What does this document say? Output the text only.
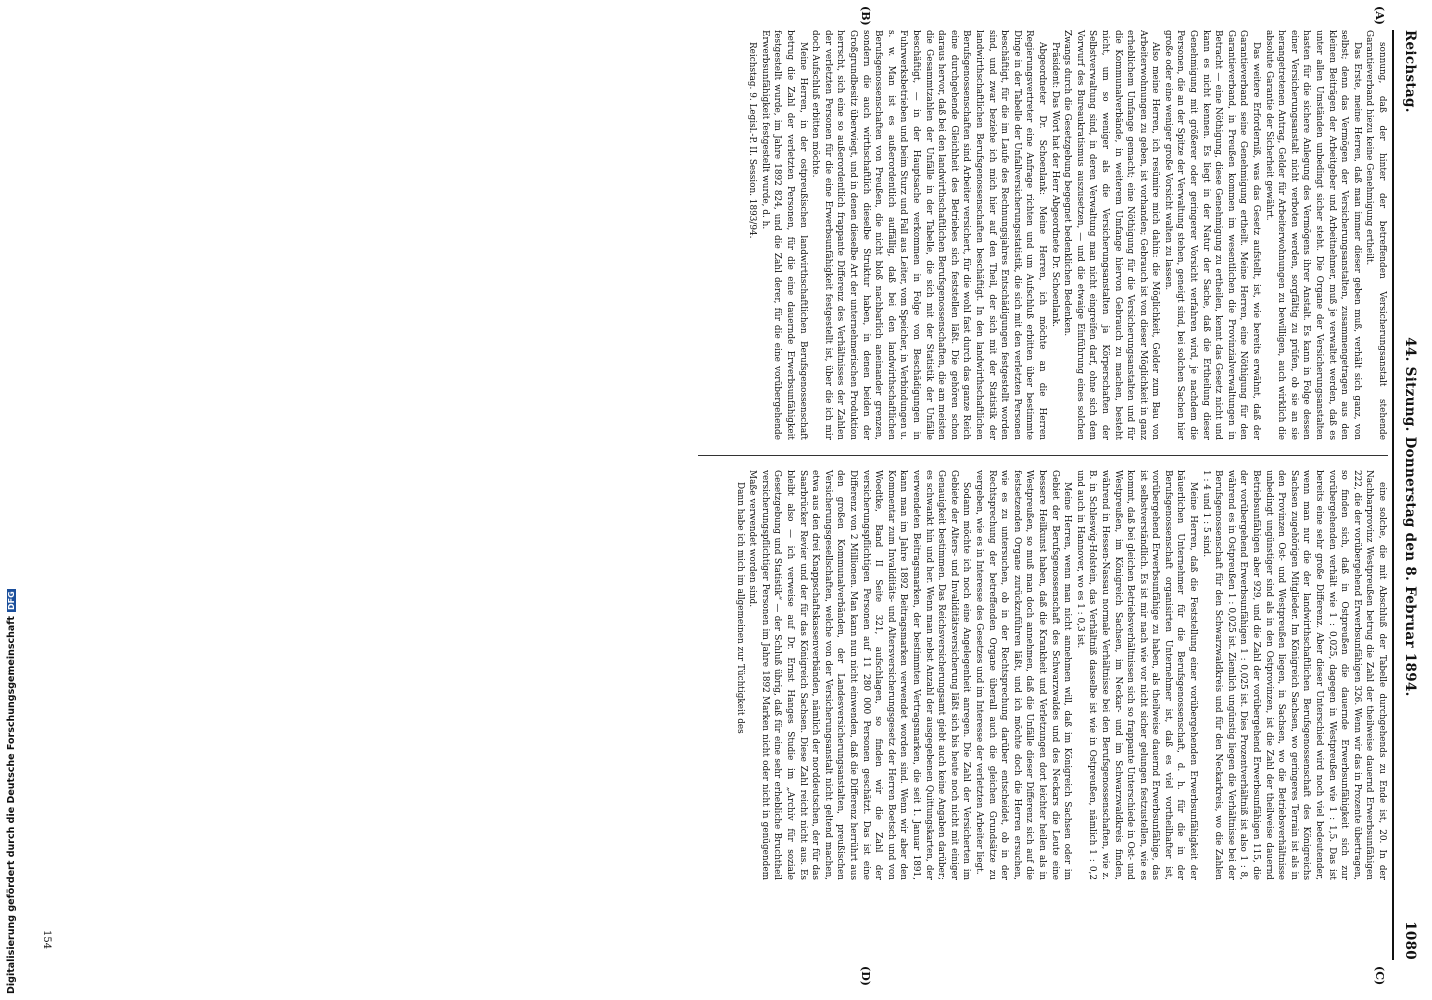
Reichstag.
44. Sitzung. Donnerstag den 8. Februar 1894.
1080

sonnung, daß der hinter der betreffenden Versicherungsanstalt stehende Garantieverband hiezu keine Genehmigung ertheilt.

Das Erste, meine Herren, daß man immer dieser geben muß, verhält sich ganz, von selbst; denn das Vermögen der Versicherungsanstalten, zusammengetragen aus den kleinen Beiträgen der Arbeitgeber und Arbeitnehmer, muß je verwaltet werden, daß es unter allen Umständen unbedingt sicher steht. Die Organe der Versicherungsanstalten hasten für die sichere Anlegung des Vermögens ihrer Anstalt. Es kann in Folge dessen einer Versicherungsanstalt nicht verboten werden, sorgfältig zu prüfen, ob sie an sie herangetretenen Antrag, Gelder für Arbeiterwohnungen zu bewilligen, auch wirklich die absolute Garantie der Sicherheit gewährt.

Das weitere Erforderniß, was das Gesetz aufstellt, ist, wie bereits erwähnt, daß der Garantieverband seine Genehmigung ertheilt. Meine Herren, eine Nöthigung für den Garantieverband, in Preußen kommen im wesentlichen die Provinzialverwaltungen in Betracht — eine Nöthigung, diese Genehmigung zu ertheilen, kennt das Gesetz nicht und kann es nicht kennen. Es liegt in der Natur der Sache, daß die Ertheilung dieser Genehmigung mit größerer oder geringerer Vorsicht verfahren wird, je nachdem die Personen, die an der Spitze der Verwaltung stehen, geneigt sind, bei solchen Sachen hier große oder eine weniger große Vorsicht walten zu lassen.

Also meine Herren, ich resümire mich dahin: die Möglichkeit, Gelder zum Bau von Arbeiterwohnungen zu geben, ist vorhanden; Gebrauch ist von dieser Möglichkeit in ganz erheblichem Umfange gemacht; eine Nöthigung für die Versicherungsanstalten und für die Kommunalverbände, in weiterem Umfange hiervon Gebrauch zu machen, besteht nicht, um so weniger als die Versicherungsanstalten ja Körperschaften der Selbstverwaltung sind, in deren Verwaltung man nicht eingreifen darf, ohne sich dem Vorwurf des Bureaukratismus auszusetzen, — und die etwaige Einführung eines solchen Zwangs durch die Gesetzgebung begegnet bedenklichen Bedenken.

Präsident: Das Wort hat der Herr Abgeordnete Dr. Schoenlank.

Abgeordneter Dr. Schoenlank: Meine Herren, ich möchte an die Herren Regierungsvertreter eine Anfrage richten und um Aufschluß erbitten über bestimmte Dinge in der Tabelle der Unfallversicherungsstatistik, die sich mit den verletzten Personen beschäftigt, für die im Laufe des Rechnungsjahres Entschädigungen festgestellt worden sind, und zwar beziehe ich mich hier auf den Theil, der sich mit der Statistik der landwirthschaftlichen Berufsgenossenschaften beschäftigt. In den landwirthschaftlichen Berufsgenossenschaften sind Arbeiter versichert, für die wohl fast durch das ganze Reich eine durchgehende Gleichheit des Betriebes sich feststellen läßt. Die gehören schon daraus hervor, daß bei den landwirthschaftlichen Berufsgenossenschaften, die am meisten die Gesammtzahlen der Unfälle in der Tabelle, die sich mit der Statistik der Unfälle beschäftigt, — in der Hauptsache verkommen in Folge von Beschädigungen in Fuhrwerksbetrieben und beim Sturz und Fall aus Leiter, vom Speicher, in Verbindungen u. s. w. Man ist es außerordentlich auffällig, daß bei den landwirthschaftlichen Berufsgenossenschaften von Preußen, die nicht bloß nachbarlich aneinander grenzen, sondern die auch wirthschaftlich dieselbe Struktur haben, in denen beiden der Großgrundbesitz überwiegt, und in denen dieselbe Art der unternehmerischen Produktion herrscht, sich eine so außerordentlich frappante Differenz des Verhältnisses der Zahlen der verletzten Personen für die eine Erwerbsunfähigkeit festgestellt ist, über die ich mir doch Aufschluß erbitten möchte.

Meine Herren, in der ostpreußischen landwirthschaftlichen Berufsgenossenschaft betrug die Zahl der verletzten Personen, für die eine dauernde Erwerbsunfähigkeit festgestellt wurde, im Jahre 1892 824, und die Zahl derer, für die eine vorübergehende Erwerbsunfähigkeit festgestellt wurde, d. h.

Reichstag. 9. Legisl.-P. II. Session. 1893/94.

eine solche, die mit Abschluß der Tabelle durchgehends zu Ende ist, 20. In der Nachbarprovinz Westpreußen betrug die Zahl der theilweise dauernd Erwerbsunfähigen 222, die der vorübergehend Erwerbsunfähigen 326. Wenn wir das in Prozente übertragen, so finden sich, daß in Ostpreußen die dauernde Erwerbsunfähigkeit sich zur vorübergehenden verhält wie 1 : 0,025, dagegen in Westpreußen wie 1 : 1,5. Das ist bereits eine sehr große Differenz. Aber dieser Unterschied wird noch viel bedeutender, wenn man nur die der landwirthschaftlichen Berufsgenossenschaft des Königreichs Sachsen zugehörigen Mitglieder. Im Königreich Sachsen, wo geringeres Terrain ist als in den Provinzen Ost- und Westpreußen liegen, in Sachsen, wo die Betriebsverhältnisse unbedingt ungünstiger sind als in den Ostprovinzen, ist die Zahl der theilweise dauernd Betriebsunfähigen aber 929, und die Zahl der vorübergehend Erwerbsunfähigen 115, die der vorübergehend Erwerbsunfähigen 1 : 0,025 ist. Dies Prozentverhältniß ist also 1 : 8, während es in Ostpreußen 1 : 0,025 ist. Ziemlich ungünstig liegen die Verhältnisse bei der Berufsgenossenschaft für den Schwarzwaldkreis und für den Neckarkreis, wo die Zahlen 1 : 4 und 1 : 5 sind.

Meine Herren, daß die Feststellung einer vorübergehenden Erwerbsunfähigkeit der bäuerlichen Unternehmer für die Berufsgenossenschaft, d. h. für die in der Berufsgenossenschaft organisirten Unternehmer ist, daß es viel vortheilhafter ist, vorübergehend Erwerbsunfähige zu haben, als theilweise dauernd Erwerbsunfähige, das ist selbstverständlich. Es ist mir nach wie vor nicht sicher gelungen festzustellen, wie es kommt, daß bei gleichen Betriebsverhältnissen sich so frappante Unterschiede in Ost- und Westpreußen, im Königreich Sachsen, im Neckar- und im Schwarzwaldkreis finden, während in Hessen-Nassau normale Verhältnisse bei den Berufsgenossenschaften, wie z. B. in Schleswig-Holstein, das Verhältniß dasselbe ist wie in Ostpreußen, nämlich 1 : 0,2 und auch in Hannover, wo es 1 : 0,3 ist.

Meine Herren, wenn man nicht annehmen will, daß im Königreich Sachsen oder im Gebiet der Berufsgenossenschaft des Schwarzwaldes und des Neckars die Leute eine bessere Heilkunst haben, daß die Krankheit und Verletzungen dort leichter heilen als in Westpreußen, so muß man doch annehmen, daß die Unfälle dieser Differenz sich auf die festsetzenden Organe zurückzuführen läßt, und ich möchte doch die Herren ersuchen, wie es zu untersuchen, ob in der Rechtsprechung darüber entscheidet, ob in der Rechtsprechung der betreffenden Organe überall auch die gleichen Grundsätze zu vergeben, wie es in Interesse des Gesetzes und im Interesse der verletzten Arbeiter liegt.

Sodann möchte ich noch eine Angelegenheit anregen. Die Zahl der Versicherten im Gebiete der Alters- und Invaliditätsversicherung läßt sich bis heute noch nicht mit einiger Genauigkeit bestimmen. Das Reichsversicherungsamt giebt auch keine Angaben darüber; es schwankt hin und her. Wenn man nebst Anzahl der ausgegebenen Quittungskarten, der verwendeten Beitragsmarken, der bestimmten Vertragsmarken, die seit 1. Januar 1891, kann man im Jahre 1892 Beitragsmarken verwendet worden sind. Wenn wir aber den Kommentar zum Invaliditäts- und Altersversicherungsgesetz der Herren Boetsch und von Woedtke, Band II Seite 321, aufschlagen, so finden wir die Zahl der versicherungspflichtigen Personen auf 11 280 000 Personen geschätzt. Das ist eine Differenz von 2 Millionen. Man kann nun nicht einwenden, daß die Differenz herrührt aus den großen Kommunalverbänden, der Landesversicherungsanstalten, preußischen Versicherungsgesellschaften, welche von der Versicherungsanstalt nicht geltend machen, etwa aus den drei Knappschaftskassenverbänden, nämlich der norddeutschen, der für das Saarbrücker Revier und der für das Königreich Sachsen. Diese Zahl reicht nicht aus. Es bleibt also — ich verweise auf Dr. Ernst Hanges Studie im „Archiv für soziale Gesetzgebung und Statistik“ — der Schluß übrig, daß für eine sehr erhebliche Bruchtheil versicherungspflichtiger Personen im Jahre 1892 Marken nicht oder nicht in genügendem Maße verwendet worden sind.

Dann habe ich mich im allgemeinen zur Tüchtigkeit des

(A)
(B)
(C)
(D)
154
Digitalisierung gefördert durch die Deutsche ForschungsgemeinschaftDFG
